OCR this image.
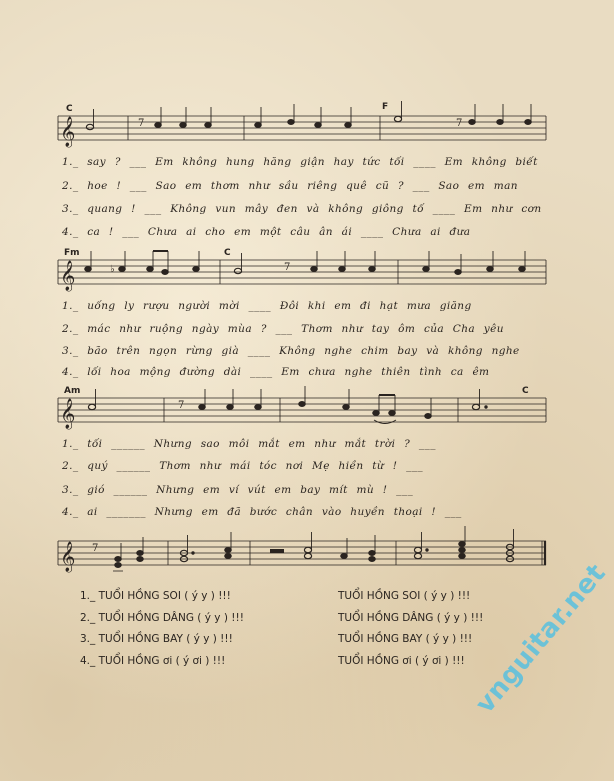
C	F
𝄞	7	7
1._ say ? ___ Em không hung hăng giận hay tức tối ____ Em không biết
2._ hoe ! ___ Sao em thơm như sầu riêng quê cũ ? ___ Sao em man
3._ quang ! ___ Không vun mây đen và không giông tố ____ Em như cơn
4._ ca ! ___ Chưa ai cho em một câu ân ái ____ Chưa ai đưa
Fm	C
𝄞	♭	7
1._ uống ly rượu người mời ____ Đôi khi em đi hạt mưa giăng
2._ mác như ruộng ngày mùa ? ___ Thơm như tay ôm của Cha yêu
3._ bão trên ngọn rừng già ____ Không nghe chim bay và không nghe
4._ lối hoa mộng đường dài ____ Em chưa nghe thiên tình ca êm
Am	C
𝄞	7
1._ tối ______ Nhưng sao môi mắt em như mắt trời ? ___
2._ quý ______ Thơm như mái tóc nơi Mẹ hiền từ ! ___
3._ gió ______ Nhưng em ví vút em bay mít mù ! ___
4._ ai _______ Nhưng em đã bước chân vào huyền thoại ! ___
𝄞 7
1._ TUỔI HỒNG SOI ( ý y ) !!!	TUỔI HỒNG SOI ( ý y ) !!!
2._ TUỔI HỒNG DÂNG ( ý y ) !!!	TUỔI HỒNG DÂNG ( ý y ) !!!
3._ TUỔI HỒNG BAY ( ý y ) !!!	TUỔI HỒNG BAY ( ý y ) !!!
4._ TUỔI HỒNG ơi ( ý ơi ) !!!	TUỔI HỒNG ơi ( ý ơi ) !!! vnguitar.net
